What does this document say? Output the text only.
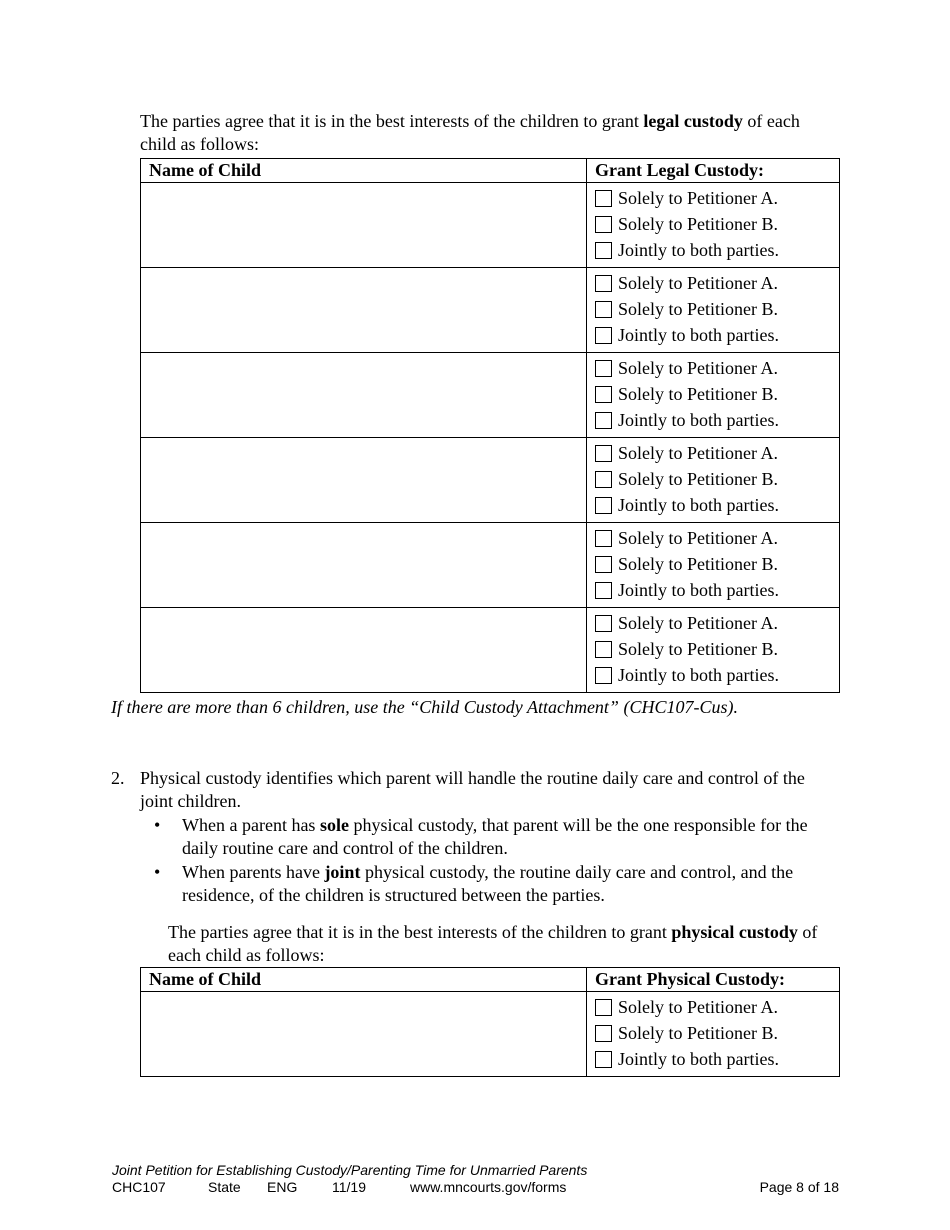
The parties agree that it is in the best interests of the children to grant legal custody of each child as follows:

Name of Child	Grant Legal Custody:

	Solely to Petitioner A.
Solely to Petitioner B.
Jointly to both parties.

	Solely to Petitioner A.
Solely to Petitioner B.
Jointly to both parties.

	Solely to Petitioner A.
Solely to Petitioner B.
Jointly to both parties.

	Solely to Petitioner A.
Solely to Petitioner B.
Jointly to both parties.

	Solely to Petitioner A.
Solely to Petitioner B.
Jointly to both parties.

	Solely to Petitioner A.
Solely to Petitioner B.
Jointly to both parties.

If there are more than 6 children, use the “Child Custody Attachment” (CHC107-Cus).

2. Physical custody identifies which parent will handle the routine daily care and control of the joint children.
• When a parent has sole physical custody, that parent will be the one responsible for the daily routine care and control of the children.
• When parents have joint physical custody, the routine daily care and control, and the residence, of the children is structured between the parties.

The parties agree that it is in the best interests of the children to grant physical custody of each child as follows:

Name of Child	Grant Physical Custody:

	Solely to Petitioner A.
Solely to Petitioner B.
Jointly to both parties.
Joint Petition for Establishing Custody/Parenting Time for Unmarried Parents
CHC107	State ENG 11/19	www.mncourts.gov/forms	Page 8 of 18
